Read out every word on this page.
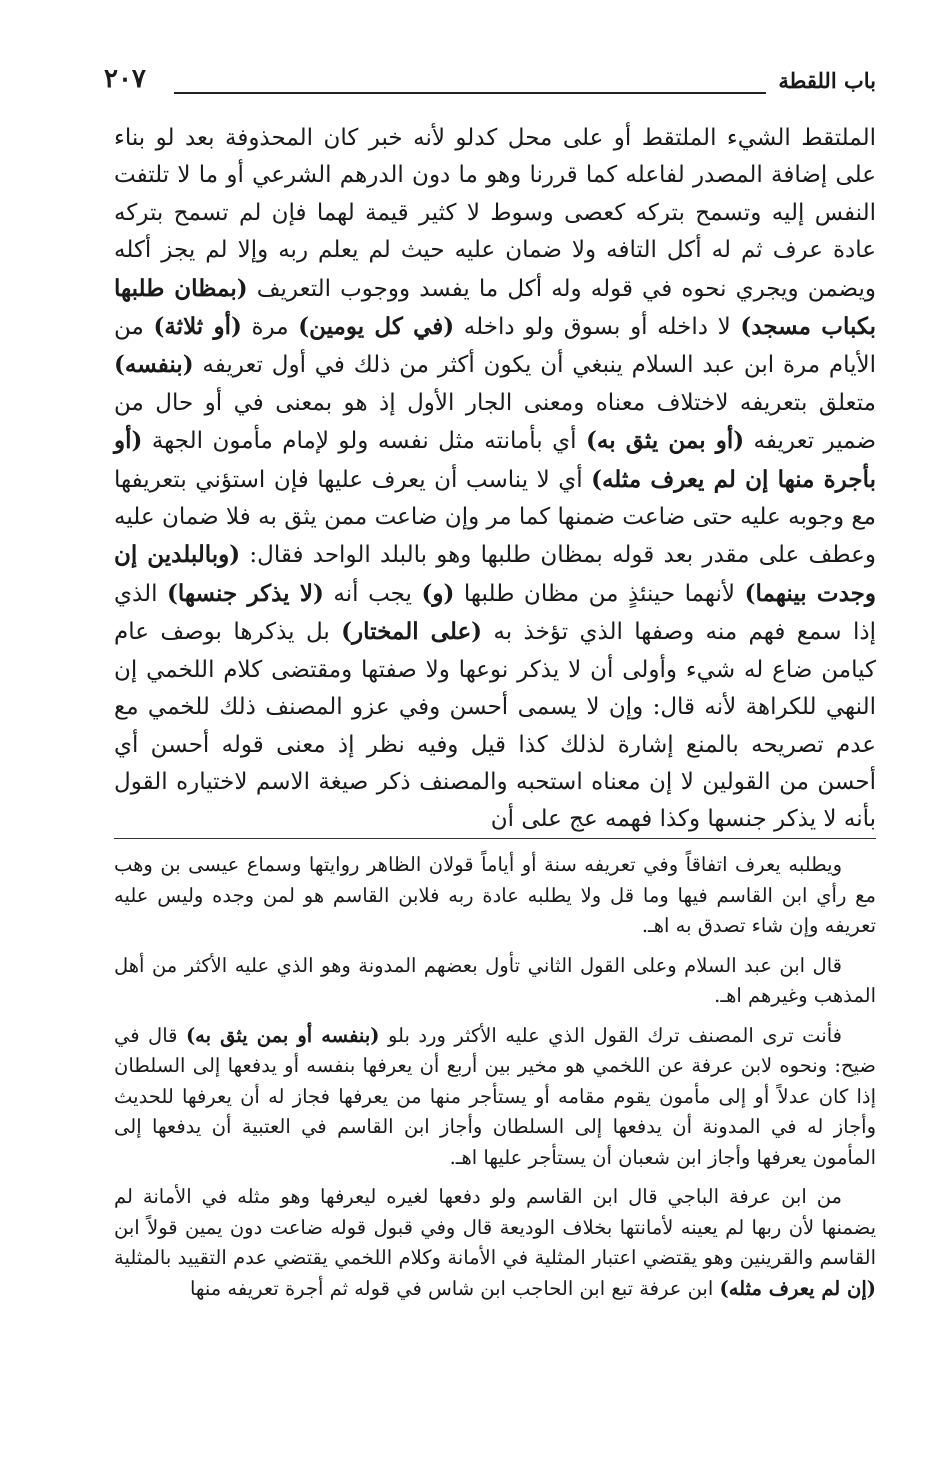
باب اللقطة
٢٠٧

الملتقط الشيء الملتقط أو على محل كدلو لأنه خبر كان المحذوفة بعد لو بناء على إضافة المصدر لفاعله كما قررنا وهو ما دون الدرهم الشرعي أو ما لا تلتفت النفس إليه وتسمح بتركه كعصى وسوط لا كثير قيمة لهما فإن لم تسمح بتركه عادة عرف ثم له أكل التافه ولا ضمان عليه حيث لم يعلم ربه وإلا لم يجز أكله ويضمن ويجري نحوه في قوله وله أكل ما يفسد ووجوب التعريف (بمظان طلبها بكباب مسجد) لا داخله أو بسوق ولو داخله (في كل يومين) مرة (أو ثلاثة) من الأيام مرة ابن عبد السلام ينبغي أن يكون أكثر من ذلك في أول تعريفه (بنفسه) متعلق بتعريفه لاختلاف معناه ومعنى الجار الأول إذ هو بمعنى في أو حال من ضمير تعريفه (أو بمن يثق به) أي بأمانته مثل نفسه ولو لإمام مأمون الجهة (أو بأجرة منها إن لم يعرف مثله) أي لا يناسب أن يعرف عليها فإن استؤني بتعريفها مع وجوبه عليه حتى ضاعت ضمنها كما مر وإن ضاعت ممن يثق به فلا ضمان عليه وعطف على مقدر بعد قوله بمظان طلبها وهو بالبلد الواحد فقال: (وبالبلدين إن وجدت بينهما) لأنهما حينئذٍ من مظان طلبها (و) يجب أنه (لا يذكر جنسها) الذي إذا سمع فهم منه وصفها الذي تؤخذ به (على المختار) بل يذكرها بوصف عام كيامن ضاع له شيء وأولى أن لا يذكر نوعها ولا صفتها ومقتضى كلام اللخمي إن النهي للكراهة لأنه قال: وإن لا يسمى أحسن وفي عزو المصنف ذلك للخمي مع عدم تصريحه بالمنع إشارة لذلك كذا قيل وفيه نظر إذ معنى قوله أحسن أي أحسن من القولين لا إن معناه استحبه والمصنف ذكر صيغة الاسم لاختياره القول بأنه لا يذكر جنسها وكذا فهمه عج على أن

ويطلبه يعرف اتفاقاً وفي تعريفه سنة أو أياماً قولان الظاهر روايتها وسماع عيسى بن وهب مع رأي ابن القاسم فيها وما قل ولا يطلبه عادة ربه فلابن القاسم هو لمن وجده وليس عليه تعريفه وإن شاء تصدق به اهـ.

قال ابن عبد السلام وعلى القول الثاني تأول بعضهم المدونة وهو الذي عليه الأكثر من أهل المذهب وغيرهم اهـ.

فأنت ترى المصنف ترك القول الذي عليه الأكثر ورد بلو (بنفسه أو بمن يثق به) قال في ضيح: ونحوه لابن عرفة عن اللخمي هو مخير بين أربع أن يعرفها بنفسه أو يدفعها إلى السلطان إذا كان عدلاً أو إلى مأمون يقوم مقامه أو يستأجر منها من يعرفها فجاز له أن يعرفها للحديث وأجاز له في المدونة أن يدفعها إلى السلطان وأجاز ابن القاسم في العتبية أن يدفعها إلى المأمون يعرفها وأجاز ابن شعبان أن يستأجر عليها اهـ.

من ابن عرفة الباجي قال ابن القاسم ولو دفعها لغيره ليعرفها وهو مثله في الأمانة لم يضمنها لأن ربها لم يعينه لأمانتها بخلاف الوديعة قال وفي قبول قوله ضاعت دون يمين قولاً ابن القاسم والقرينين وهو يقتضي اعتبار المثلية في الأمانة وكلام اللخمي يقتضي عدم التقييد بالمثلية (إن لم يعرف مثله) ابن عرفة تبع ابن الحاجب ابن شاس في قوله ثم أجرة تعريفه منها
